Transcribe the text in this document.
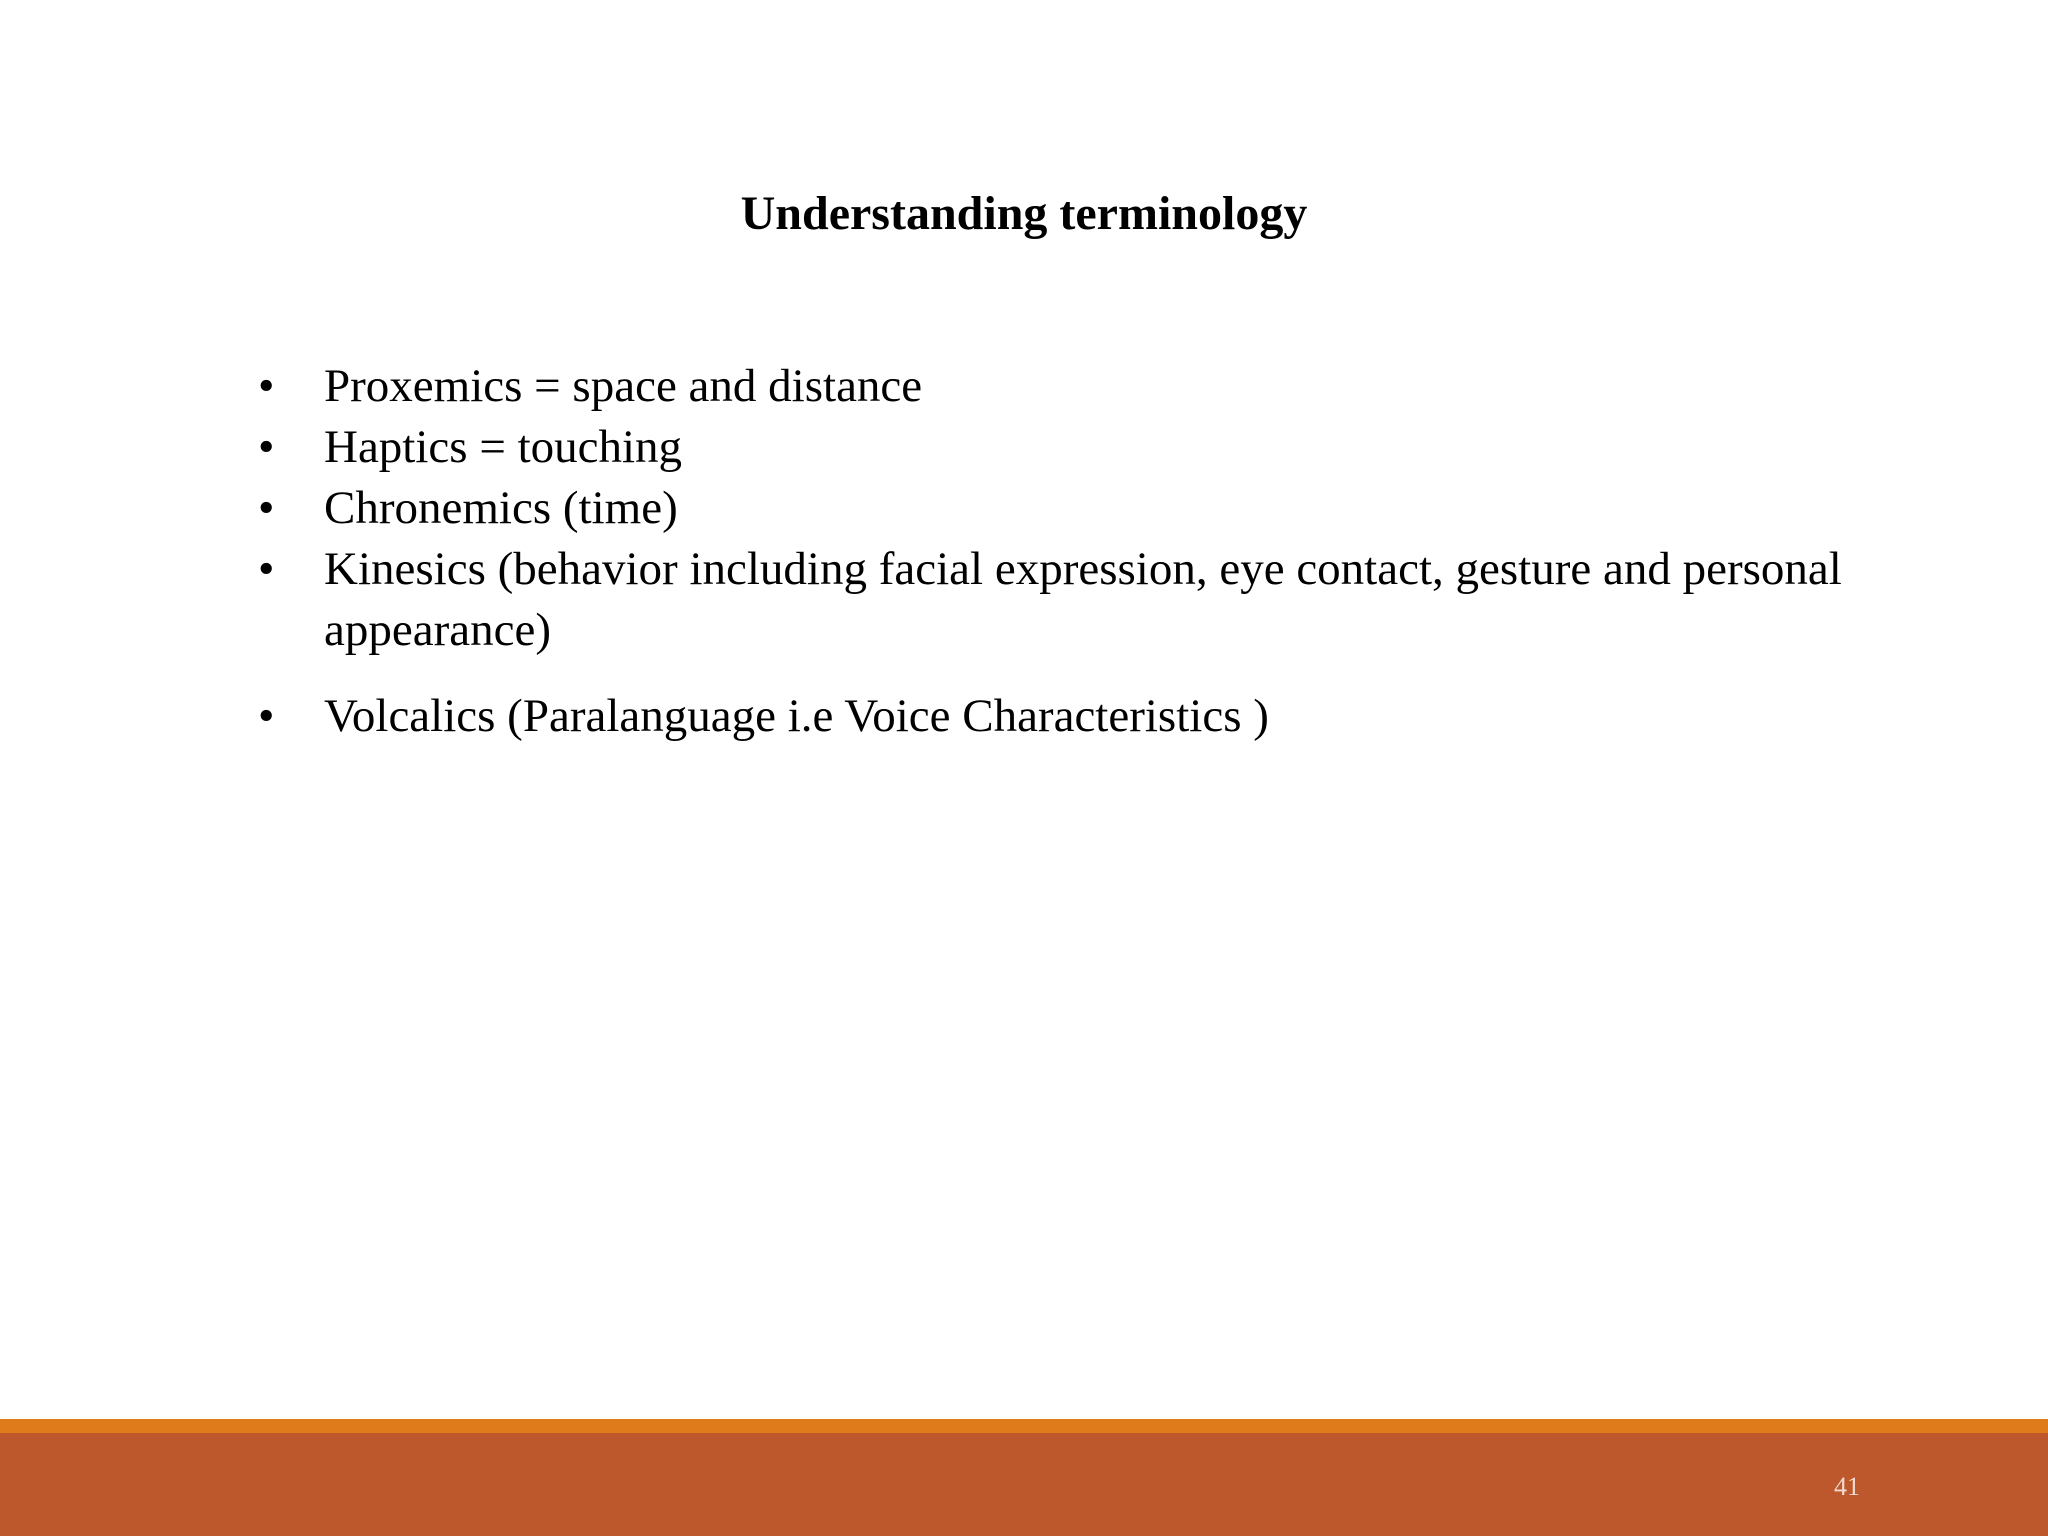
Understanding terminology
• Proxemics = space and distance
• Haptics = touching
• Chronemics (time)
• Kinesics (behavior including facial expression, eye contact, gesture and personal appearance)
• Volcalics (Paralanguage i.e Voice Characteristics )
41
